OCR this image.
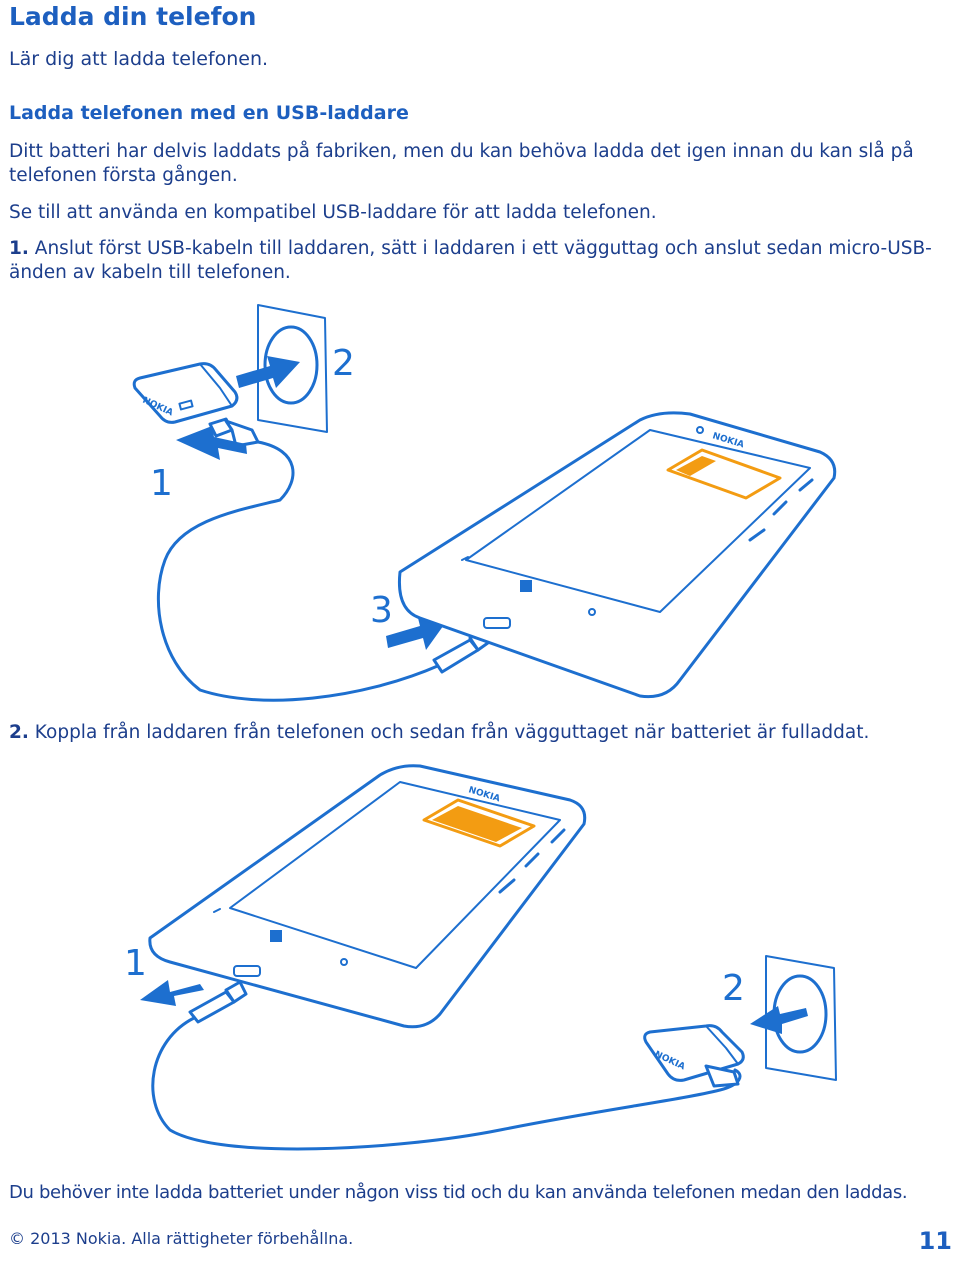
Ladda din telefon
Lär dig att ladda telefonen.
Ladda telefonen med en USB-laddare
Ditt batteri har delvis laddats på fabriken, men du kan behöva ladda det igen innan du kan slå på telefonen första gången.
Se till att använda en kompatibel USB-laddare för att ladda telefonen.
1. Anslut först USB-kabeln till laddaren, sätt i laddaren i ett vägguttag och anslut sedan micro-USB-änden av kabeln till telefonen.
2
NOKIA
1
3
NOKIA
2. Koppla från laddaren från telefonen och sedan från vägguttaget när batteriet är fulladdat.
NOKIA
1
NOKIA
2
Du behöver inte ladda batteriet under någon viss tid och du kan använda telefonen medan den laddas.
© 2013 Nokia. Alla rättigheter förbehållna.	11
